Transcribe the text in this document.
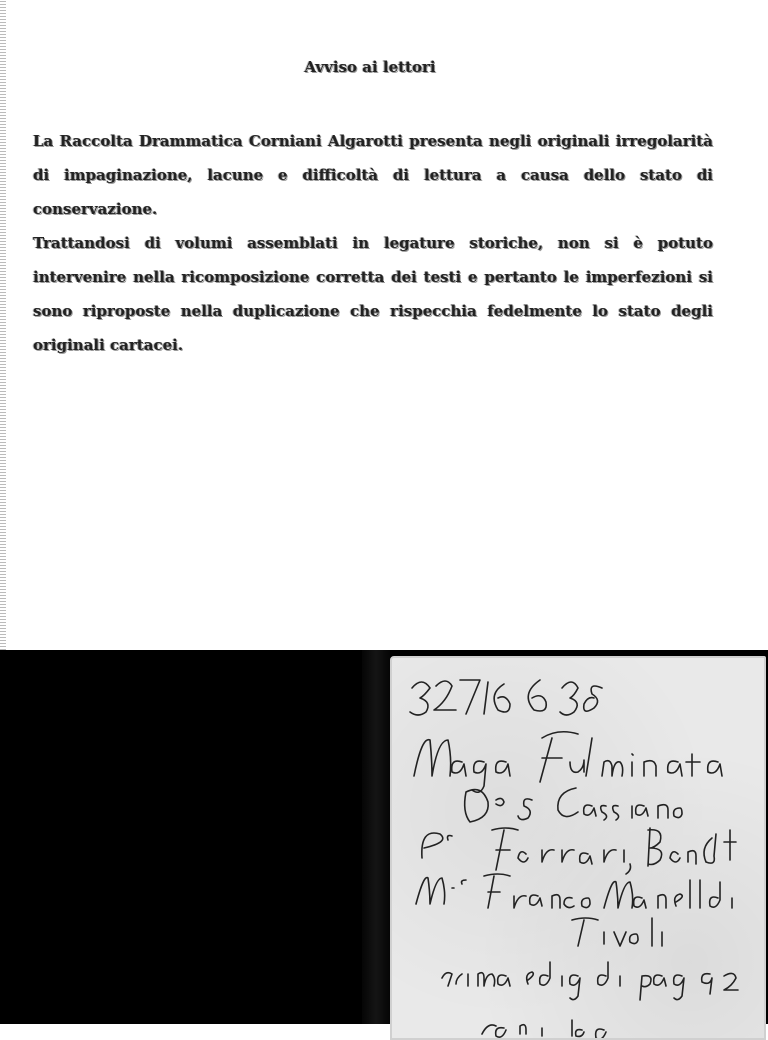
Avviso ai lettori

La Raccolta Drammatica Corniani Algarotti presenta negli originali irregolarità di impaginazione, lacune e difficoltà di lettura a causa dello stato di conservazione.

Trattandosi di volumi assemblati in legature storiche, non si è potuto intervenire nella ricomposizione corretta dei testi e pertanto le imperfezioni si sono riproposte nella duplicazione che rispecchia fedelmente lo stato degli originali cartacei.
